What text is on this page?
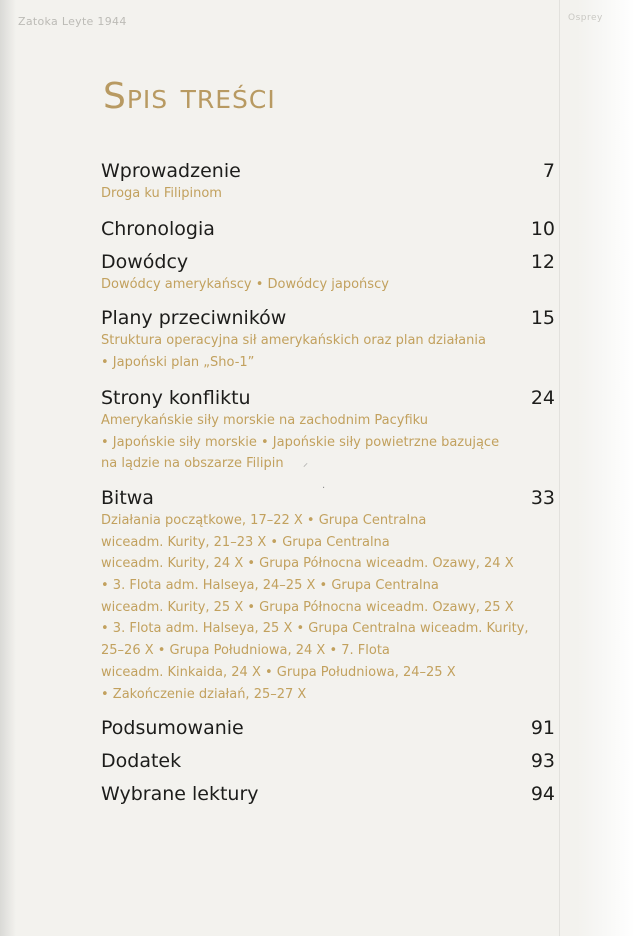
Zatoka Leyte 1944	Osprey
Spis treści
Wprowadzenie	7
Droga ku Filipinom
Chronologia	10
Dowódcy	12
Dowódcy amerykańscy • Dowódcy japońscy
Plany przeciwników	15
Struktura operacyjna sił amerykańskich oraz plan działania
• Japoński plan „Sho-1”
Strony konfliktu	24
Amerykańskie siły morskie na zachodnim Pacyfiku
• Japońskie siły morskie • Japońskie siły powietrzne bazujące
na lądzie na obszarze Filipin
Bitwa	33
Działania początkowe, 17–22 X • Grupa Centralna
wiceadm. Kurity, 21–23 X • Grupa Centralna
wiceadm. Kurity, 24 X • Grupa Północna wiceadm. Ozawy, 24 X
• 3. Flota adm. Halseya, 24–25 X • Grupa Centralna
wiceadm. Kurity, 25 X • Grupa Północna wiceadm. Ozawy, 25 X
• 3. Flota adm. Halseya, 25 X • Grupa Centralna wiceadm. Kurity,
25–26 X • Grupa Południowa, 24 X • 7. Flota
wiceadm. Kinkaida, 24 X • Grupa Południowa, 24–25 X
• Zakończenie działań, 25–27 X
Podsumowanie	91
Dodatek	93
Wybrane lektury	94
⸝
‧
